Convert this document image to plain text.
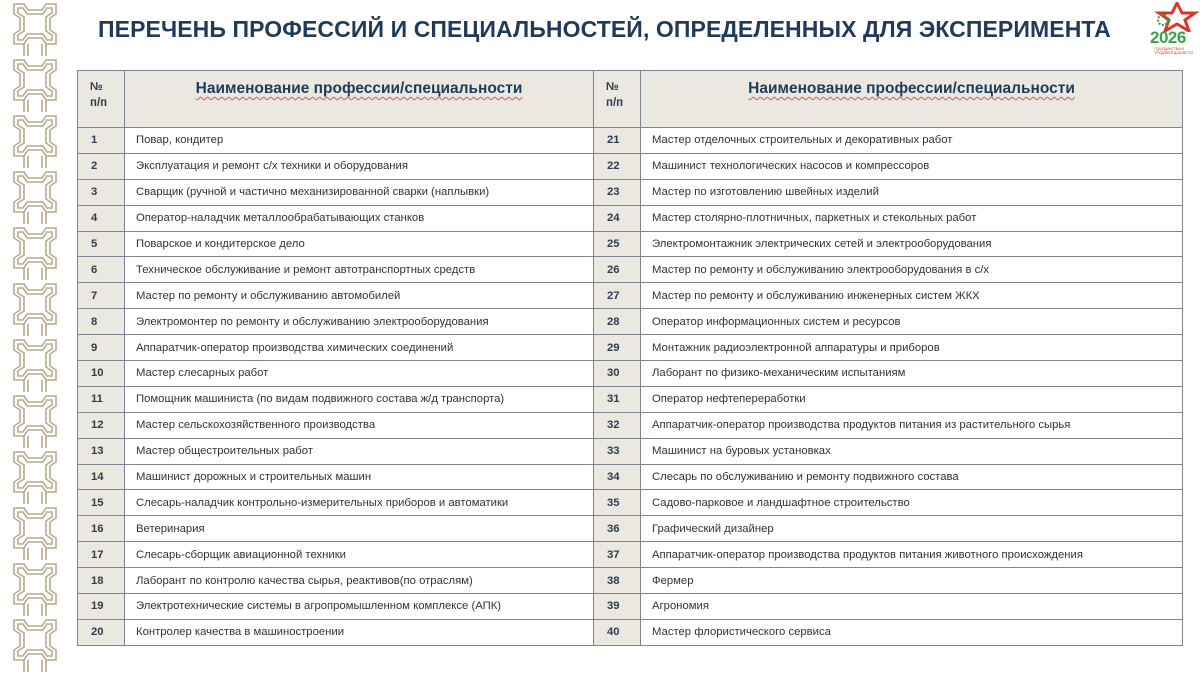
ПЕРЕЧЕНЬ ПРОФЕССИЙ И СПЕЦИАЛЬНОСТЕЙ, ОПРЕДЕЛЕННЫХ ДЛЯ ЭКСПЕРИМЕНТА	2026
ГОД ЕДИНСТВА И ТРУДОВОЙ ДОБЛЕСТИ
№
п/п	Наименование профессии/специальности	№
п/п	Наименование профессии/специальности
1	Повар, кондитер	21	Мастер отделочных строительных и декоративных работ
2	Эксплуатация и ремонт с/х техники и оборудования	22	Машинист технологических насосов и компрессоров
3	Сварщик (ручной и частично механизированной сварки (наплывки)	23	Мастер по изготовлению швейных изделий
4	Оператор-наладчик металлообрабатывающих станков	24	Мастер столярно-плотничных, паркетных и стекольных работ
5	Поварское и кондитерское дело	25	Электромонтажник электрических сетей и электрооборудования
6	Техническое обслуживание и ремонт автотранспортных средств	26	Мастер по ремонту и обслуживанию электрооборудования в с/х
7	Мастер по ремонту и обслуживанию автомобилей	27	Мастер по ремонту и обслуживанию инженерных систем ЖКХ
8	Электромонтер по ремонту и обслуживанию электрооборудования	28	Оператор информационных систем и ресурсов
9	Аппаратчик-оператор производства химических соединений	29	Монтажник радиоэлектронной аппаратуры и приборов
10	Мастер слесарных работ	30	Лаборант по физико-механическим испытаниям
11	Помощник машиниста (по видам подвижного состава ж/д транспорта)	31	Оператор нефтепереработки
12	Мастер сельскохозяйственного производства	32	Аппаратчик-оператор производства продуктов питания из растительного сырья
13	Мастер общестроительных работ	33	Машинист на буровых установках
14	Машинист дорожных и строительных машин	34	Слесарь по обслуживанию и ремонту подвижного состава
15	Слесарь-наладчик контрольно-измерительных приборов и автоматики	35	Садово-парковое и ландшафтное строительство
16	Ветеринария	36	Графический дизайнер
17	Слесарь-сборщик авиационной техники	37	Аппаратчик-оператор производства продуктов питания животного происхождения
18	Лаборант по контролю качества сырья, реактивов(по отраслям)	38	Фермер
19	Электротехнические системы в агропромышленном комплексе (АПК)	39	Агрономия
20	Контролер качества в машиностроении	40	Мастер флористического сервиса
